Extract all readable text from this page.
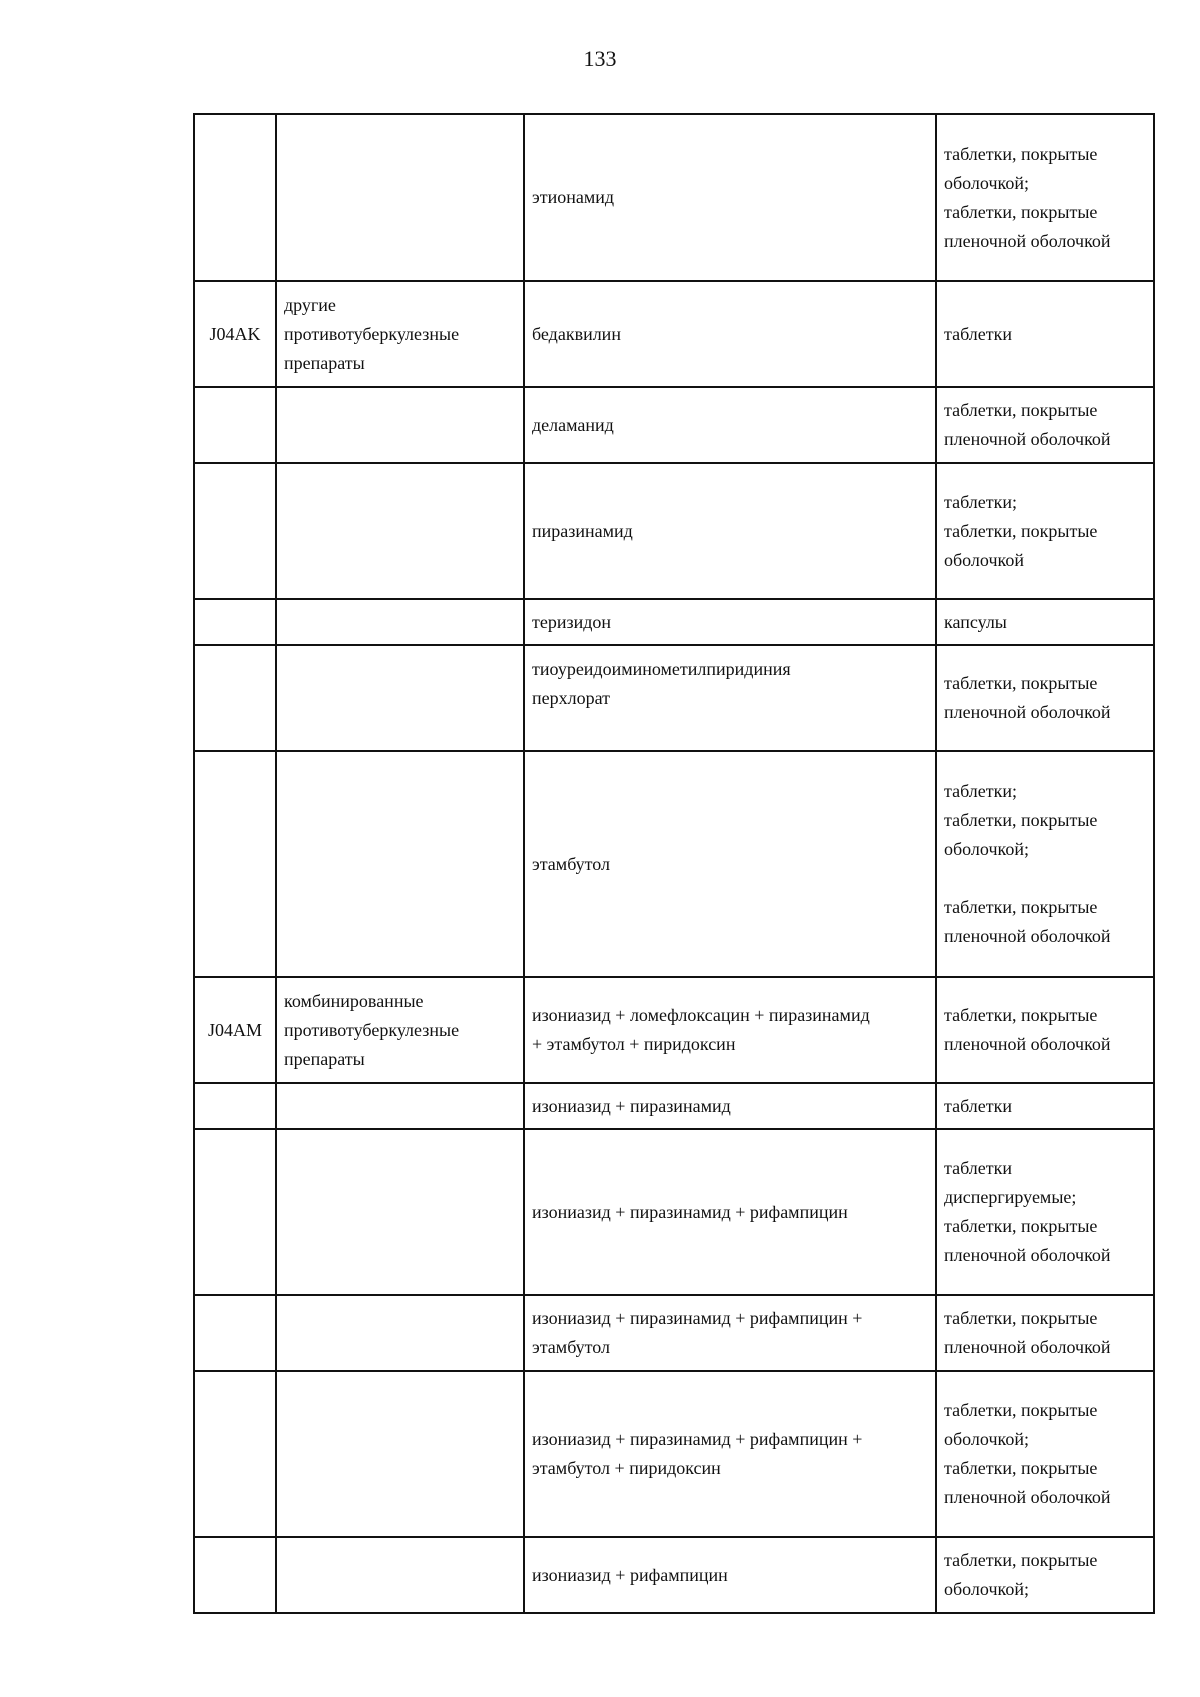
133

		этионамид	таблетки, покрытые
оболочкой;
таблетки, покрытые
пленочной оболочкой

J04AK	другие
противотуберкулезные
препараты	бедаквилин	таблетки

		деламанид	таблетки, покрытые
пленочной оболочкой

		пиразинамид	таблетки;
таблетки, покрытые
оболочкой

		теризидон	капсулы

		тиоуреидоиминометилпиридиния
перхлорат	таблетки, покрытые
пленочной оболочкой

		этамбутол	таблетки;
таблетки, покрытые
оболочкой;
таблетки, покрытые
пленочной оболочкой

J04AM	комбинированные
противотуберкулезные
препараты	изониазид + ломефлоксацин + пиразинамид
+ этамбутол + пиридоксин	таблетки, покрытые
пленочной оболочкой

		изониазид + пиразинамид	таблетки

		изониазид + пиразинамид + рифампицин	таблетки
диспергируемые;
таблетки, покрытые
пленочной оболочкой

		изониазид + пиразинамид + рифампицин +
этамбутол	таблетки, покрытые
пленочной оболочкой

		изониазид + пиразинамид + рифампицин +
этамбутол + пиридоксин	таблетки, покрытые
оболочкой;
таблетки, покрытые
пленочной оболочкой

		изониазид + рифампицин	таблетки, покрытые
оболочкой;
